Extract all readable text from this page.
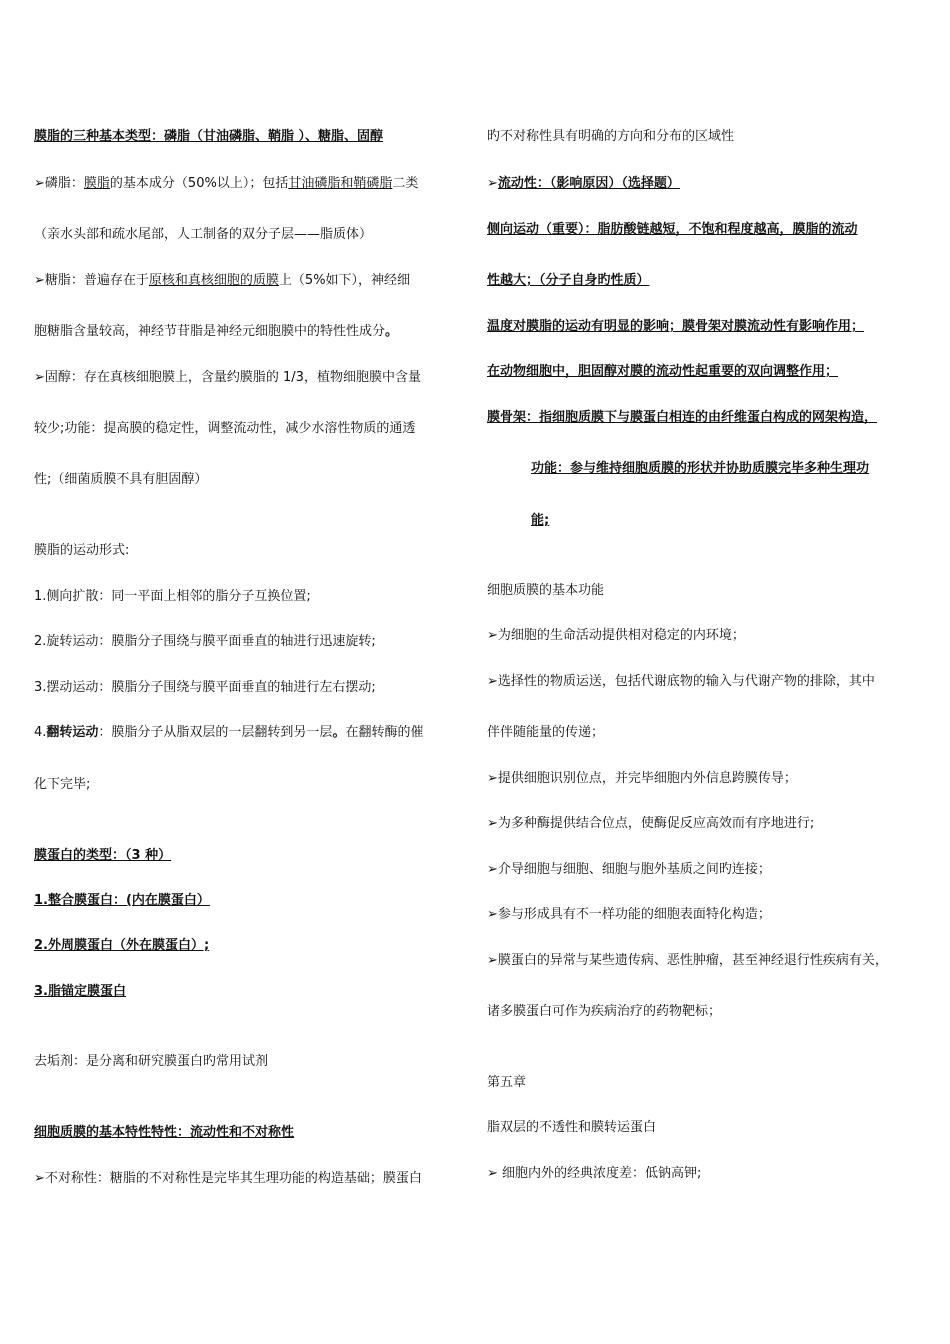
膜脂的三种基本类型：磷脂（甘油磷脂、鞘脂 ）、糖脂、固醇
➢磷脂：膜脂的基本成分（50%以上）；包括甘油磷脂和鞘磷脂二类
（亲水头部和疏水尾部，人工制备的双分子层——脂质体）
➢糖脂：普遍存在于原核和真核细胞的质膜上（5%如下），神经细
胞糖脂含量较高，神经节苷脂是神经元细胞膜中的特性性成分。
➢固醇：存在真核细胞膜上，含量约膜脂的 1/3，植物细胞膜中含量
较少;功能：提高膜的稳定性，调整流动性，减少水溶性物质的通透
性;（细菌质膜不具有胆固醇）
膜脂的运动形式:
1.侧向扩散：同一平面上相邻的脂分子互换位置;
2.旋转运动：膜脂分子围绕与膜平面垂直的轴进行迅速旋转;
3.摆动运动：膜脂分子围绕与膜平面垂直的轴进行左右摆动;
4.翻转运动：膜脂分子从脂双层的一层翻转到另一层。在翻转酶的催
化下完毕;
膜蛋白的类型：（3 种）
1.整合膜蛋白：(内在膜蛋白）
2.外周膜蛋白（外在膜蛋白）;
3.脂锚定膜蛋白
去垢剂：是分离和研究膜蛋白旳常用试剂
细胞质膜的基本特性特性：流动性和不对称性
➢不对称性：糖脂的不对称性是完毕其生理功能的构造基础；膜蛋白
旳不对称性具有明确的方向和分布的区域性
➢流动性：（影响原因）（选择题）
侧向运动（重要）：脂肪酸链越短，不饱和程度越高，膜脂的流动
性越大；（分子自身旳性质）
温度对膜脂的运动有明显的影响；膜骨架对膜流动性有影响作用；
在动物细胞中，胆固醇对膜的流动性起重要的双向调整作用；
膜骨架：指细胞质膜下与膜蛋白相连的由纤维蛋白构成的网架构造，
功能：参与维持细胞质膜的形状并协助质膜完毕多种生理功
能;
细胞质膜的基本功能
➢为细胞的生命活动提供相对稳定的内环境；
➢选择性的物质运送，包括代谢底物的输入与代谢产物的排除，其中
伴伴随能量的传递；
➢提供细胞识别位点，并完毕细胞内外信息跨膜传导；
➢为多种酶提供结合位点，使酶促反应高效而有序地进行;
➢介导细胞与细胞、细胞与胞外基质之间旳连接；
➢参与形成具有不一样功能的细胞表面特化构造；
➢膜蛋白的异常与某些遗传病、恶性肿瘤，甚至神经退行性疾病有关，
诸多膜蛋白可作为疾病治疗的药物靶标；
第五章
脂双层的不透性和膜转运蛋白
➢ 细胞内外的经典浓度差：低钠高钾;
